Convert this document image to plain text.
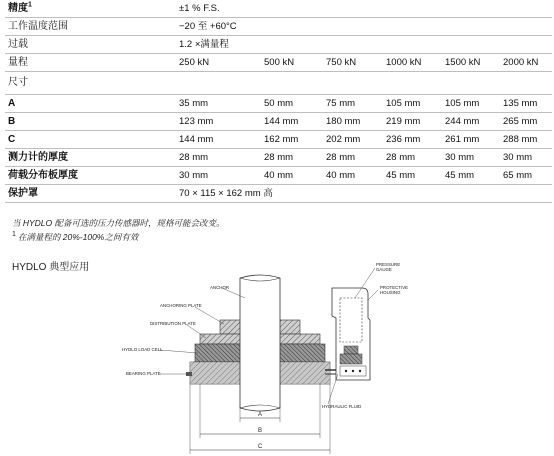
精度$^1$	±1 % F.S.					
工作温度范围	−20 至 +60°C					
过载	1.2 ×满量程					
量程	250 kN	500 kN	750 kN	1000 kN	1500 kN	2000 kN
尺寸						
A	35 mm	50 mm	75 mm	105 mm	105 mm	135 mm
B	123 mm	144 mm	180 mm	219 mm	244 mm	265 mm
C	144 mm	162 mm	202 mm	236 mm	261 mm	288 mm
测力计的厚度	28 mm	28 mm	28 mm	28 mm	30 mm	30 mm
荷载分布板厚度	30 mm	40 mm	40 mm	45 mm	45 mm	65 mm
保护罩	70 × 115 × 162 mm 高					
当 HYDLO 配备可选的压力传感器时，规格可能会改变。
$^1$ 在满量程的 20%-100%之间有效
HYDLO 典型应用
ANCHOR
ANCHORING PLATE
DISTRIBUTION PLATE
HYDLO LOAD CELL
BEARING PLATE
PRESSURE
GAUGE
PROTECTIVE
HOUSING
HYDRAULIC FLUID
A
B
C
